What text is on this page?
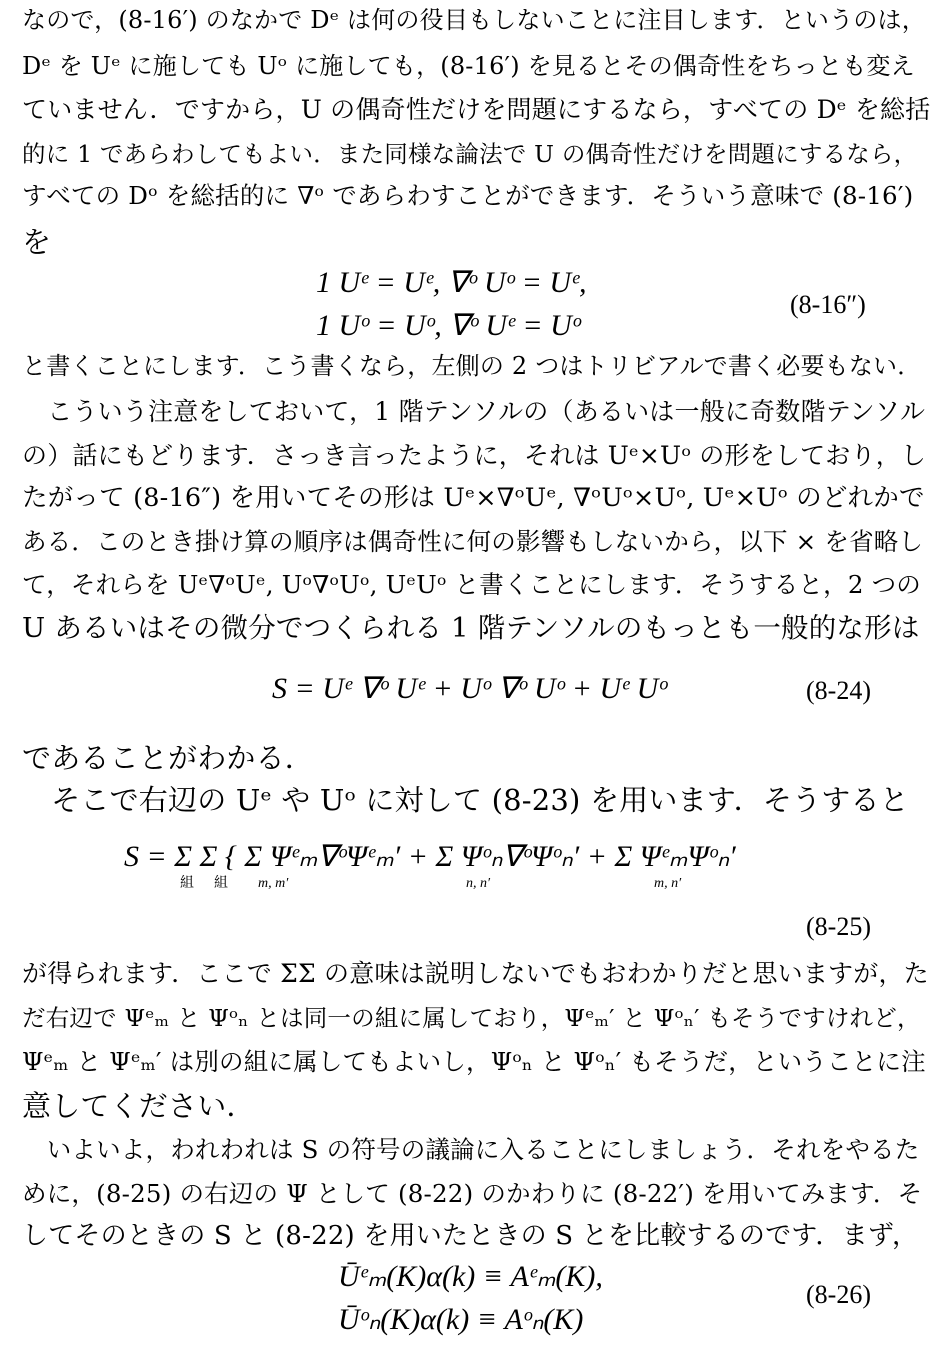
なので，(8-16′) のなかで Dᵉ は何の役目もしないことに注目します．というのは，
Dᵉ を Uᵉ に施しても Uᵒ に施しても，(8-16′) を見るとその偶奇性をちっとも変え
ていません．ですから，U の偶奇性だけを問題にするなら，すべての Dᵉ を総括
的に 1 であらわしてもよい．また同様な論法で U の偶奇性だけを問題にするなら，
すべての Dᵒ を総括的に ∇ᵒ であらわすことができます．そういう意味で (8-16′)
を
1 Uᵉ = Uᵉ, ∇ᵒ Uᵒ = Uᵉ,
1 Uᵒ = Uᵒ, ∇ᵒ Uᵉ = Uᵒ
(8-16″)
と書くことにします．こう書くなら，左側の 2 つはトリビアルで書く必要もない．
　こういう注意をしておいて，1 階テンソルの（あるいは一般に奇数階テンソル
の）話にもどります．さっき言ったように，それは Uᵉ×Uᵒ の形をしており，し
たがって (8-16″) を用いてその形は Uᵉ×∇ᵒUᵉ, ∇ᵒUᵒ×Uᵒ, Uᵉ×Uᵒ のどれかで
ある．このとき掛け算の順序は偶奇性に何の影響もしないから，以下 × を省略し
て，それらを Uᵉ∇ᵒUᵉ, Uᵒ∇ᵒUᵒ, UᵉUᵒ と書くことにします．そうすると，2 つの
U あるいはその微分でつくられる 1 階テンソルのもっとも一般的な形は
S = Uᵉ ∇ᵒ Uᵉ + Uᵒ ∇ᵒ Uᵒ + Uᵉ Uᵒ	(8-24)
であることがわかる．
　そこで右辺の Uᵉ や Uᵒ に対して (8-23) を用います．そうすると
S = Σ Σ { Σ Ψᵉₘ∇ᵒΨᵉₘ′ + Σ Ψᵒₙ∇ᵒΨᵒₙ′ + Σ ΨᵉₘΨᵒₙ′
組 組 m, m′	n, n′	m, n′
(8-25)
が得られます．ここで ΣΣ の意味は説明しないでもおわかりだと思いますが，た
だ右辺で Ψᵉₘ と Ψᵒₙ とは同一の組に属しており，Ψᵉₘ′ と Ψᵒₙ′ もそうですけれど，
Ψᵉₘ と Ψᵉₘ′ は別の組に属してもよいし，Ψᵒₙ と Ψᵒₙ′ もそうだ，ということに注
意してください．
　いよいよ，われわれは S の符号の議論に入ることにしましょう．それをやるた
めに，(8-25) の右辺の Ψ として (8-22) のかわりに (8-22′) を用いてみます．そ
してそのときの S と (8-22) を用いたときの S とを比較するのです．まず，
Ūᵉₘ(K)α(k) ≡ Aᵉₘ(K),
Ūᵒₙ(K)α(k) ≡ Aᵒₙ(K)
(8-26)
